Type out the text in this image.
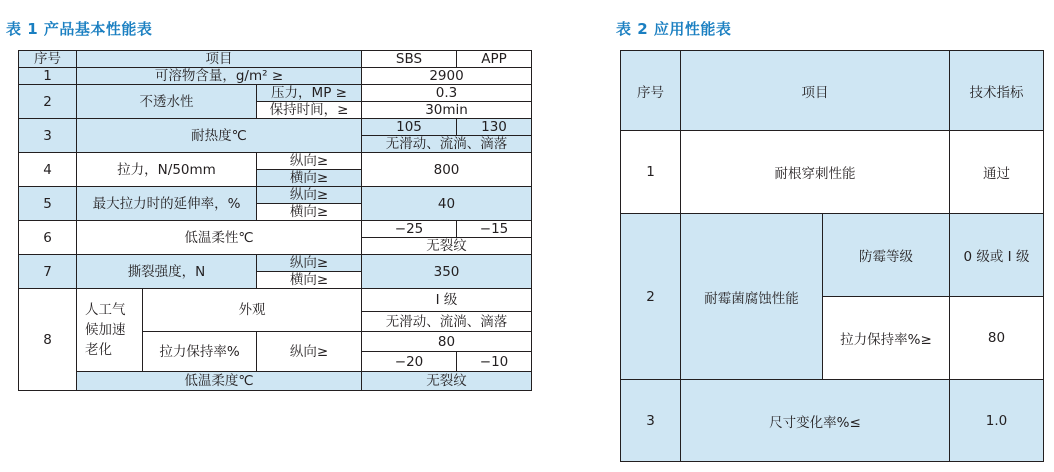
表 1 产品基本性能表	表 2 应用性能表
序号	项目			SBS	APP
1	可溶物含量，g/m² ≥			2900	
2	不透水性		压力，MP ≥	0.3	
			保持时间，≥	30min	
3	耐热度℃			105	130
				无滑动、流淌、滴落	
4	拉力，N/50mm		纵向≥	800	
			横向≥		
5	最大拉力时的延伸率，%		纵向≥	40	
			横向≥		
6	低温柔性℃			−25	−15
				无裂纹	
7	撕裂强度，N		纵向≥	350	
			横向≥		
8	人工气候加速老化	外观		I 级	
				无滑动、流淌、滴落	
		拉力保持率%	纵向≥	80	
				−20	−10
	低温柔度℃			无裂纹	
序号	项目		技术指标
1	耐根穿刺性能		通过
2	耐霉菌腐蚀性能	防霉等级	0 级或 I 级
		拉力保持率%≥	80
3	尺寸变化率%≤		1.0
